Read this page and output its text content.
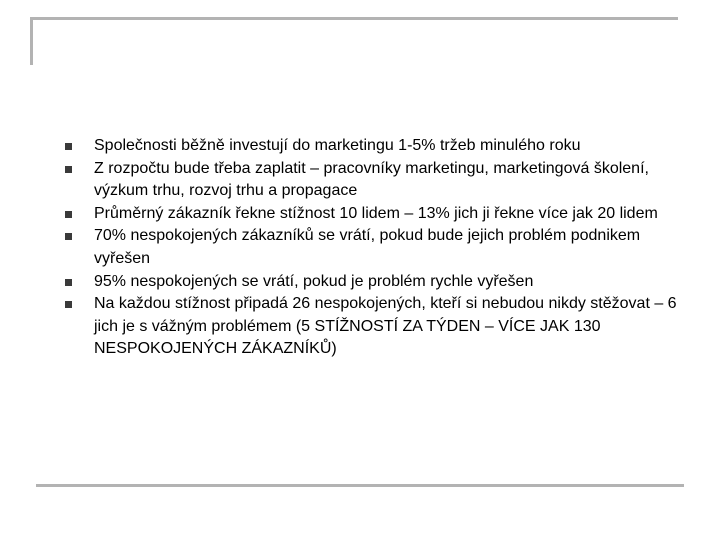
Společnosti běžně investují do marketingu 1-5% tržeb minulého roku
Z rozpočtu bude třeba zaplatit – pracovníky marketingu, marketingová školení, výzkum trhu, rozvoj trhu a propagace
Průměrný zákazník řekne stížnost 10 lidem – 13% jich ji řekne více jak 20 lidem
70% nespokojených zákazníků se vrátí, pokud bude jejich problém podnikem vyřešen
95% nespokojených se vrátí, pokud je problém rychle vyřešen
Na každou stížnost připadá 26 nespokojených, kteří si nebudou nikdy stěžovat – 6 jich je s vážným problémem (5 STÍŽNOSTÍ ZA TÝDEN – VÍCE JAK 130 NESPOKOJENÝCH ZÁKAZNÍKŮ)
